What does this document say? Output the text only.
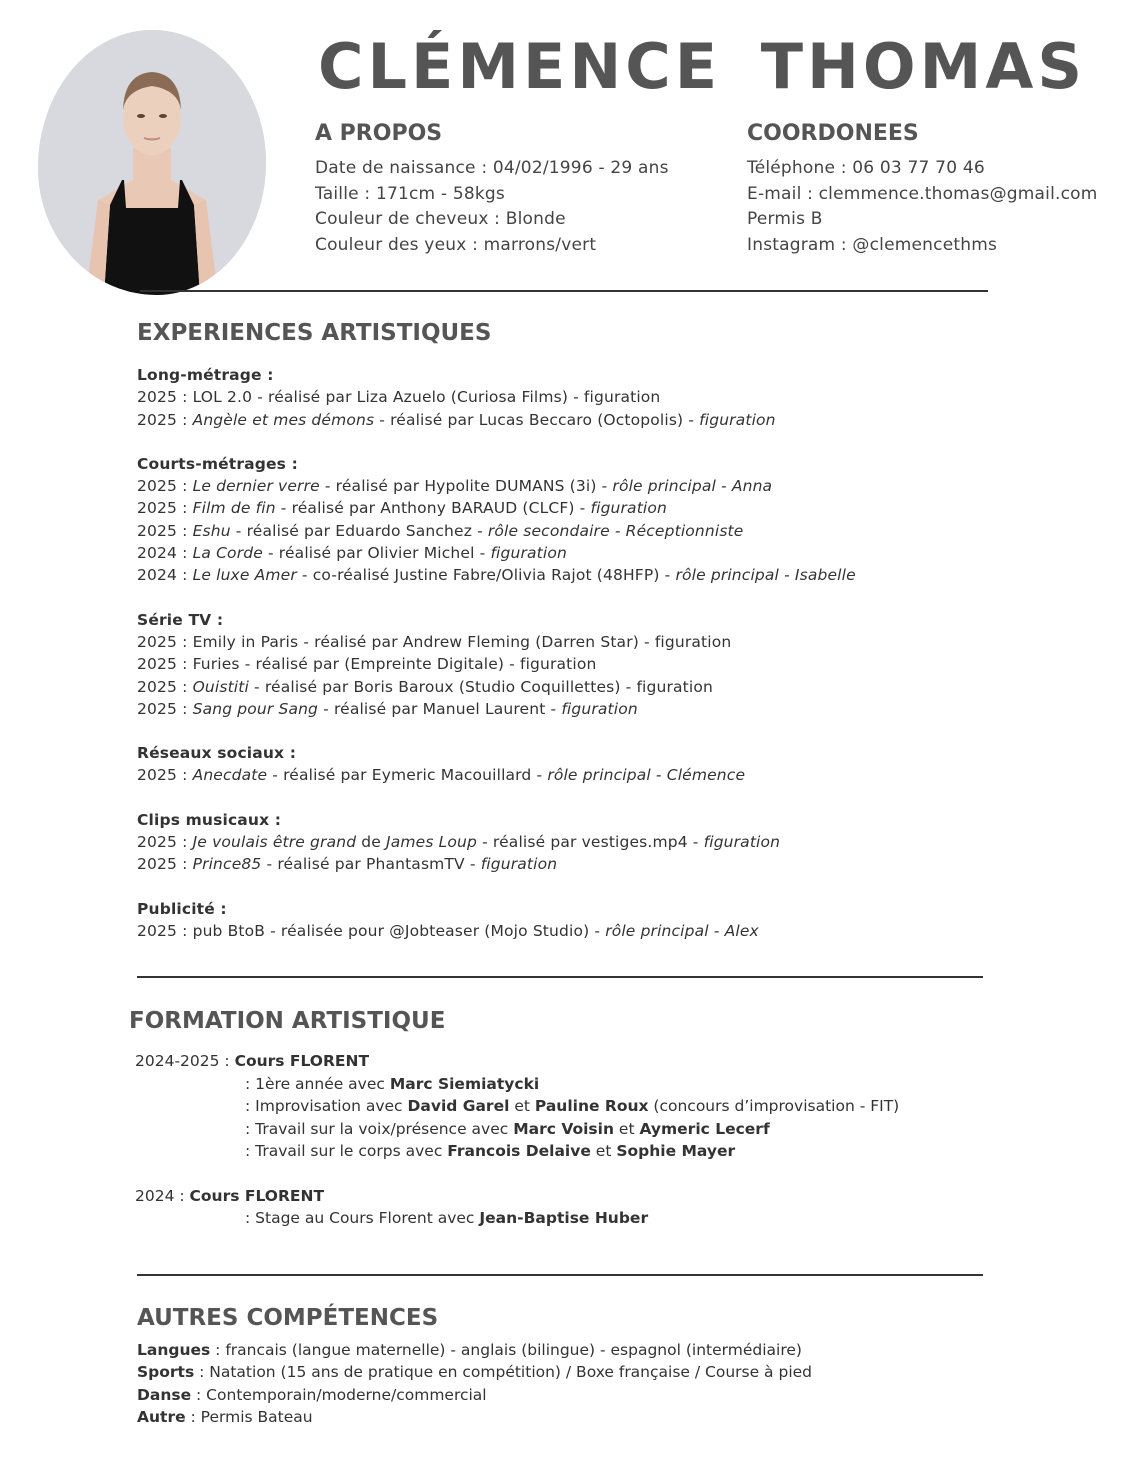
CLÉMENCE THOMAS
A PROPOS
Date de naissance : 04/02/1996 - 29 ans
Taille : 171cm - 58kgs
Couleur de cheveux : Blonde
Couleur des yeux : marrons/vert
COORDONEES
Téléphone : 06 03 77 70 46
E-mail : clemmence.thomas@gmail.com
Permis B
Instagram : @clemencethms
EXPERIENCES ARTISTIQUES
Long-métrage :
2025 : LOL 2.0 - réalisé par Liza Azuelo (Curiosa Films) - figuration
2025 : Angèle et mes démons - réalisé par Lucas Beccaro (Octopolis) - figuration
Courts-métrages :
2025 : Le dernier verre - réalisé par Hypolite DUMANS (3i) - rôle principal - Anna
2025 : Film de fin - réalisé par Anthony BARAUD (CLCF) - figuration
2025 : Eshu - réalisé par Eduardo Sanchez - rôle secondaire - Réceptionniste
2024 : La Corde - réalisé par Olivier Michel - figuration
2024 : Le luxe Amer - co-réalisé Justine Fabre/Olivia Rajot (48HFP) - rôle principal - Isabelle
Série TV :
2025 : Emily in Paris - réalisé par Andrew Fleming (Darren Star) - figuration
2025 : Furies - réalisé par (Empreinte Digitale) - figuration
2025 : Ouistiti - réalisé par Boris Baroux (Studio Coquillettes) - figuration
2025 : Sang pour Sang - réalisé par Manuel Laurent - figuration
Réseaux sociaux :
2025 : Anecdate - réalisé par Eymeric Macouillard - rôle principal - Clémence
Clips musicaux :
2025 : Je voulais être grand de James Loup - réalisé par vestiges.mp4 - figuration
2025 : Prince85 - réalisé par PhantasmTV - figuration
Publicité :
2025 : pub BtoB - réalisée pour @Jobteaser (Mojo Studio) - rôle principal - Alex
FORMATION ARTISTIQUE
2024-2025 : Cours FLORENT
: 1ère année avec Marc Siemiatycki
: Improvisation avec David Garel et Pauline Roux (concours d’improvisation - FIT)
: Travail sur la voix/présence avec Marc Voisin et Aymeric Lecerf
: Travail sur le corps avec Francois Delaive et Sophie Mayer
2024 : Cours FLORENT
: Stage au Cours Florent avec Jean-Baptise Huber
AUTRES COMPÉTENCES
Langues : francais (langue maternelle) - anglais (bilingue) - espagnol (intermédiaire)
Sports : Natation (15 ans de pratique en compétition) / Boxe française / Course à pied
Danse : Contemporain/moderne/commercial
Autre : Permis Bateau
